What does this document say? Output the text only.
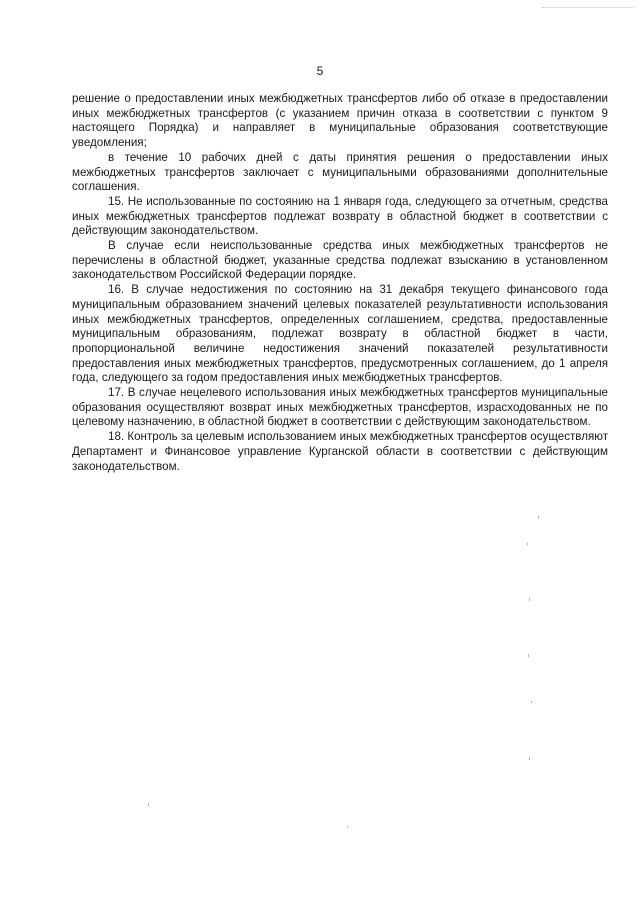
5

решение о предоставлении иных межбюджетных трансфертов либо об отказе в предоставлении иных межбюджетных трансфертов (с указанием причин отказа в соответствии с пунктом 9 настоящего Порядка) и направляет в муниципальные образования соответствующие уведомления;

в течение 10 рабочих дней с даты принятия решения о предоставлении иных межбюджетных трансфертов заключает с муниципальными образованиями дополнительные соглашения.

15. Не использованные по состоянию на 1 января года, следующего за отчетным, средства иных межбюджетных трансфертов подлежат возврату в областной бюджет в соответствии с действующим законодательством.

В случае если неиспользованные средства иных межбюджетных трансфертов не перечислены в областной бюджет, указанные средства подлежат взысканию в установленном законодательством Российской Федерации порядке.

16. В случае недостижения по состоянию на 31 декабря текущего финансового года муниципальным образованием значений целевых показателей результативности использования иных межбюджетных трансфертов, определенных соглашением, средства, предоставленные муниципальным образованиям, подлежат возврату в областной бюджет в части, пропорциональной величине недостижения значений показателей результативности предоставления иных межбюджетных трансфертов, предусмотренных соглашением, до 1 апреля года, следующего за годом предоставления иных межбюджетных трансфертов.

17. В случае нецелевого использования иных межбюджетных трансфертов муниципальные образования осуществляют возврат иных межбюджетных трансфертов, израсходованных не по целевому назначению, в областной бюджет в соответствии с действующим законодательством.

18. Контроль за целевым использованием иных межбюджетных трансфертов осуществляют Департамент и Финансовое управление Курганской области в соответствии с действующим законодательством.
